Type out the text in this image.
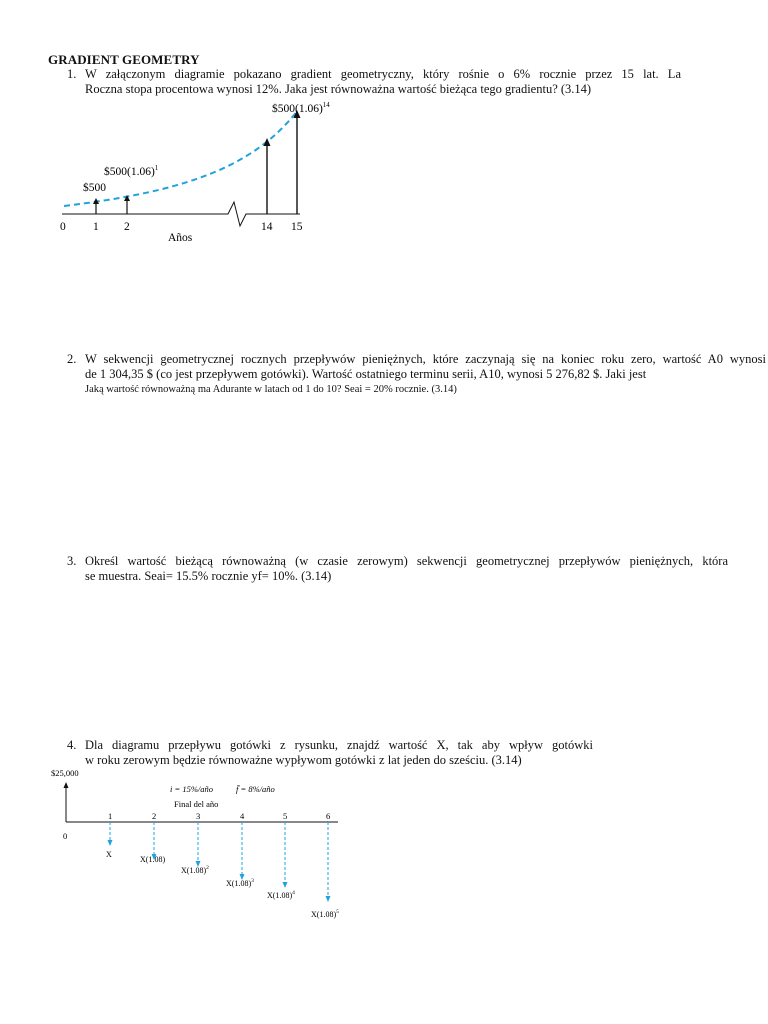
GRADIENT GEOMETRY
1. W załączonym diagramie pokazano gradient geometryczny, który rośnie o 6% rocznie przez 15 lat. La
Roczna stopa procentowa wynosi 12%. Jaka jest równoważna wartość bieżąca tego gradientu? (3.14)
$\$500(1.06)^{14}$
$\$500(1.06)^1$
$500
0 1 2	14 15
Años
2. W sekwencji geometrycznej rocznych przepływów pieniężnych, które zaczynają się na koniec roku zero, wartość A0 wynosi
de 1 304,35 $ (co jest przepływem gotówki). Wartość ostatniego terminu serii, A10, wynosi 5 276,82 $. Jaki jest
Jaką wartość równoważną ma Adurante w latach od 1 do 10? Seai = 20% rocznie. (3.14)
3. Określ wartość bieżącą równoważną (w czasie zerowym) sekwencji geometrycznej przepływów pieniężnych, która
se muestra. Seai= 15.5% rocznie yf= 10%. (3.14)
4. Dla diagramu przepływu gotówki z rysunku, znajdź wartość X, tak aby wpływ gotówki
w roku zerowym będzie równoważne wypływom gotówki z lat jeden do sześciu. (3.14)
$25,000
i = 15%/año	f̄ = 8%/año
Final del año
0
1
X
2
X(1.08)
3
$X(1.08)^2$
4
$X(1.08)^3$
5
$X(1.08)^4$
6
$X(1.08)^5$
